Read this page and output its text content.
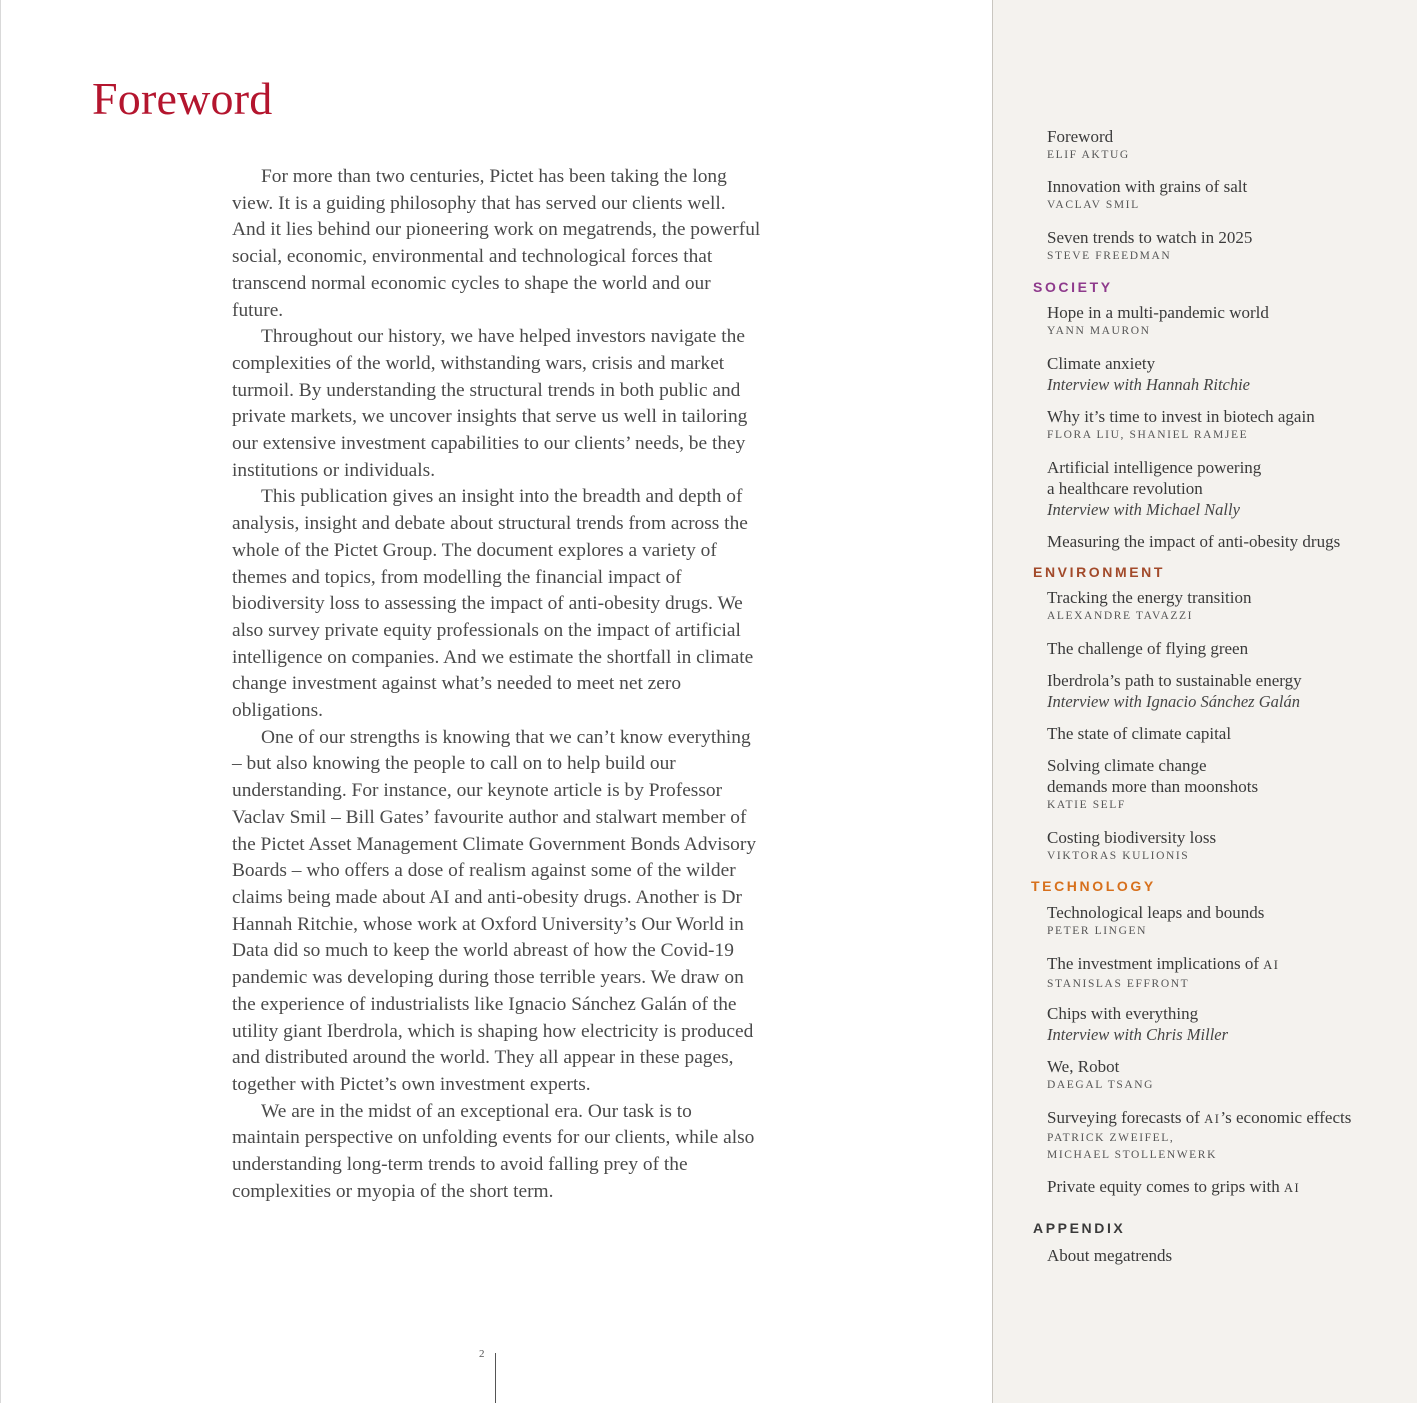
Foreword

For more than two centuries, Pictet has been taking the long view. It is a guiding philosophy that has served our clients well. And it lies behind our pioneering work on megatrends, the powerful social, economic, environmental and technological forces that transcend normal economic cycles to shape the world and our future.

Throughout our history, we have helped investors navigate the complexities of the world, withstanding wars, crisis and market turmoil. By understanding the structural trends in both public and private markets, we uncover insights that serve us well in tailoring our extensive investment capabilities to our clients’ needs, be they institutions or individuals.

This publication gives an insight into the breadth and depth of analysis, insight and debate about structural trends from across the whole of the Pictet Group. The document explores a variety of themes and topics, from modelling the financial impact of biodiversity loss to assessing the impact of anti-obesity drugs. We also survey private equity professionals on the impact of artificial intelligence on companies. And we estimate the shortfall in climate change investment against what’s needed to meet net zero obligations.

One of our strengths is knowing that we can’t know everything – but also knowing the people to call on to help build our understanding. For instance, our keynote article is by Professor Vaclav Smil – Bill Gates’ favourite author and stalwart member of the Pictet Asset Management Climate Government Bonds Advisory Boards – who offers a dose of realism against some of the wilder claims being made about AI and anti-obesity drugs. Another is Dr Hannah Ritchie, whose work at Oxford University’s Our World in Data did so much to keep the world abreast of how the Covid-19 pandemic was developing during those terrible years. We draw on the experience of industrialists like Ignacio Sánchez Galán of the utility giant Iberdrola, which is shaping how electricity is produced and distributed around the world. They all appear in these pages, together with Pictet’s own investment experts.

We are in the midst of an exceptional era. Our task is to maintain perspective on unfolding events for our clients, while also understanding long-term trends to avoid falling prey of the complexities or myopia of the short term.

2
Foreword
ELIF AKTUG
Innovation with grains of salt
VACLAV SMIL
Seven trends to watch in 2025
STEVE FREEDMAN
SOCIETY
Hope in a multi-pandemic world
YANN MAURON
Climate anxiety
Interview with Hannah Ritchie
Why it’s time to invest in biotech again
FLORA LIU, SHANIEL RAMJEE
Artificial intelligence powering
a healthcare revolution
Interview with Michael Nally
Measuring the impact of anti-obesity drugs
ENVIRONMENT
Tracking the energy transition
ALEXANDRE TAVAZZI
The challenge of flying green
Iberdrola’s path to sustainable energy
Interview with Ignacio Sánchez Galán
The state of climate capital
Solving climate change
demands more than moonshots
KATIE SELF
Costing biodiversity loss
VIKTORAS KULIONIS
TECHNOLOGY
Technological leaps and bounds
PETER LINGEN
The investment implications of AI
STANISLAS EFFRONT
Chips with everything
Interview with Chris Miller
We, Robot
DAEGAL TSANG
Surveying forecasts of AI’s economic effects
PATRICK ZWEIFEL,
MICHAEL STOLLENWERK
Private equity comes to grips with AI
APPENDIX
About megatrends
